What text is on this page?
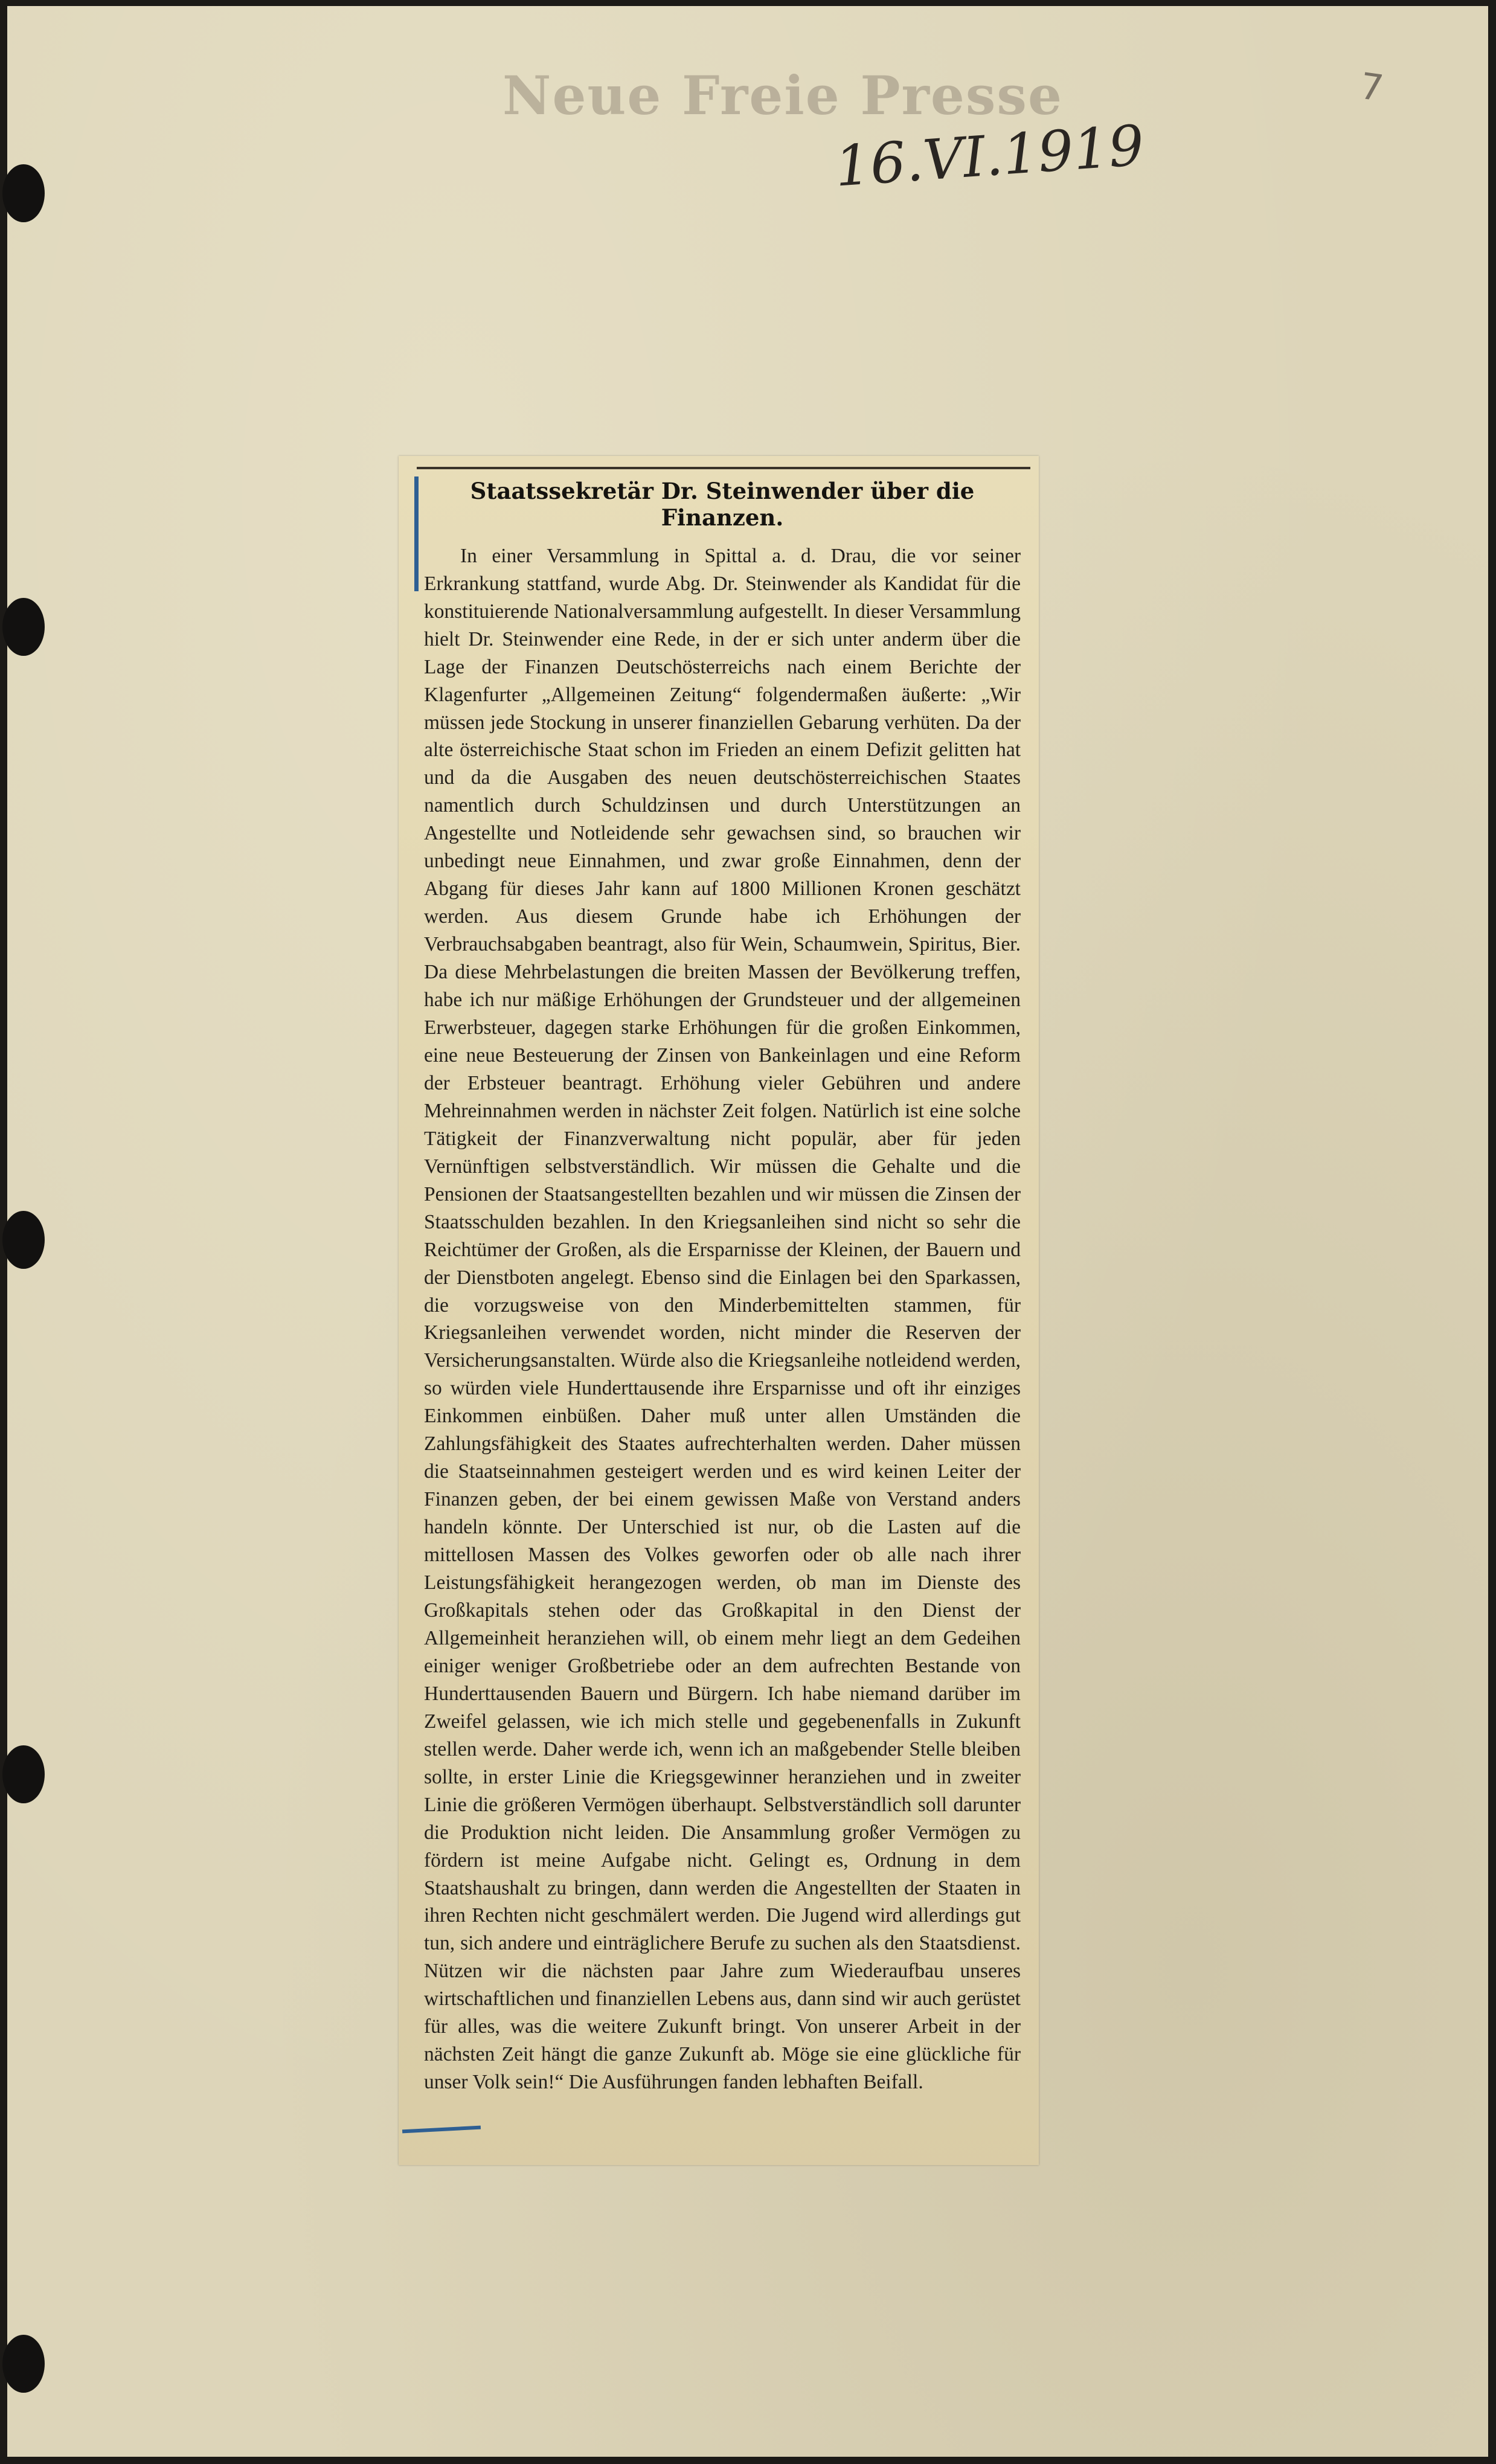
Neue Freie Presse
16.VI.1919
7
Staatssekretär Dr. Steinwender über die Finanzen.

In einer Versammlung in Spittal a. d. Drau, die vor seiner Erkrankung stattfand, wurde Abg. Dr. Steinwender als Kandidat für die konstituierende Nationalversammlung aufgestellt. In dieser Versammlung hielt Dr. Steinwender eine Rede, in der er sich unter anderm über die Lage der Finanzen Deutschösterreichs nach einem Berichte der Klagenfurter „Allgemeinen Zeitung“ folgendermaßen äußerte: „Wir müssen jede Stockung in unserer finanziellen Gebarung verhüten. Da der alte österreichische Staat schon im Frieden an einem Defizit gelitten hat und da die Ausgaben des neuen deutschösterreichischen Staates namentlich durch Schuldzinsen und durch Unterstützungen an Angestellte und Notleidende sehr gewachsen sind, so brauchen wir unbedingt neue Einnahmen, und zwar große Einnahmen, denn der Abgang für dieses Jahr kann auf 1800 Millionen Kronen geschätzt werden. Aus diesem Grunde habe ich Erhöhungen der Verbrauchsabgaben beantragt, also für Wein, Schaumwein, Spiritus, Bier. Da diese Mehrbelastungen die breiten Massen der Bevölkerung treffen, habe ich nur mäßige Erhöhungen der Grundsteuer und der allgemeinen Erwerbsteuer, dagegen starke Erhöhungen für die großen Einkommen, eine neue Besteuerung der Zinsen von Bankeinlagen und eine Reform der Erbsteuer beantragt. Erhöhung vieler Gebühren und andere Mehreinnahmen werden in nächster Zeit folgen. Natürlich ist eine solche Tätigkeit der Finanzverwaltung nicht populär, aber für jeden Vernünftigen selbstverständlich. Wir müssen die Gehalte und die Pensionen der Staatsangestellten bezahlen und wir müssen die Zinsen der Staatsschulden bezahlen. In den Kriegsanleihen sind nicht so sehr die Reichtümer der Großen, als die Ersparnisse der Kleinen, der Bauern und der Dienstboten angelegt. Ebenso sind die Einlagen bei den Sparkassen, die vorzugsweise von den Minderbemittelten stammen, für Kriegsanleihen verwendet worden, nicht minder die Reserven der Versicherungsanstalten. Würde also die Kriegsanleihe notleidend werden, so würden viele Hunderttausende ihre Ersparnisse und oft ihr einziges Einkommen einbüßen. Daher muß unter allen Umständen die Zahlungsfähigkeit des Staates aufrechterhalten werden. Daher müssen die Staatseinnahmen gesteigert werden und es wird keinen Leiter der Finanzen geben, der bei einem gewissen Maße von Verstand anders handeln könnte. Der Unterschied ist nur, ob die Lasten auf die mittellosen Massen des Volkes geworfen oder ob alle nach ihrer Leistungsfähigkeit herangezogen werden, ob man im Dienste des Großkapitals stehen oder das Großkapital in den Dienst der Allgemeinheit heranziehen will, ob einem mehr liegt an dem Gedeihen einiger weniger Großbetriebe oder an dem aufrechten Bestande von Hunderttausenden Bauern und Bürgern. Ich habe niemand darüber im Zweifel gelassen, wie ich mich stelle und gegebenenfalls in Zukunft stellen werde. Daher werde ich, wenn ich an maßgebender Stelle bleiben sollte, in erster Linie die Kriegsgewinner heranziehen und in zweiter Linie die größeren Vermögen überhaupt. Selbstverständlich soll darunter die Produktion nicht leiden. Die Ansammlung großer Vermögen zu fördern ist meine Aufgabe nicht. Gelingt es, Ordnung in dem Staatshaushalt zu bringen, dann werden die Angestellten der Staaten in ihren Rechten nicht geschmälert werden. Die Jugend wird allerdings gut tun, sich andere und einträglichere Berufe zu suchen als den Staatsdienst. Nützen wir die nächsten paar Jahre zum Wiederaufbau unseres wirtschaftlichen und finanziellen Lebens aus, dann sind wir auch gerüstet für alles, was die weitere Zukunft bringt. Von unserer Arbeit in der nächsten Zeit hängt die ganze Zukunft ab. Möge sie eine glückliche für unser Volk sein!“ Die Ausführungen fanden lebhaften Beifall.
